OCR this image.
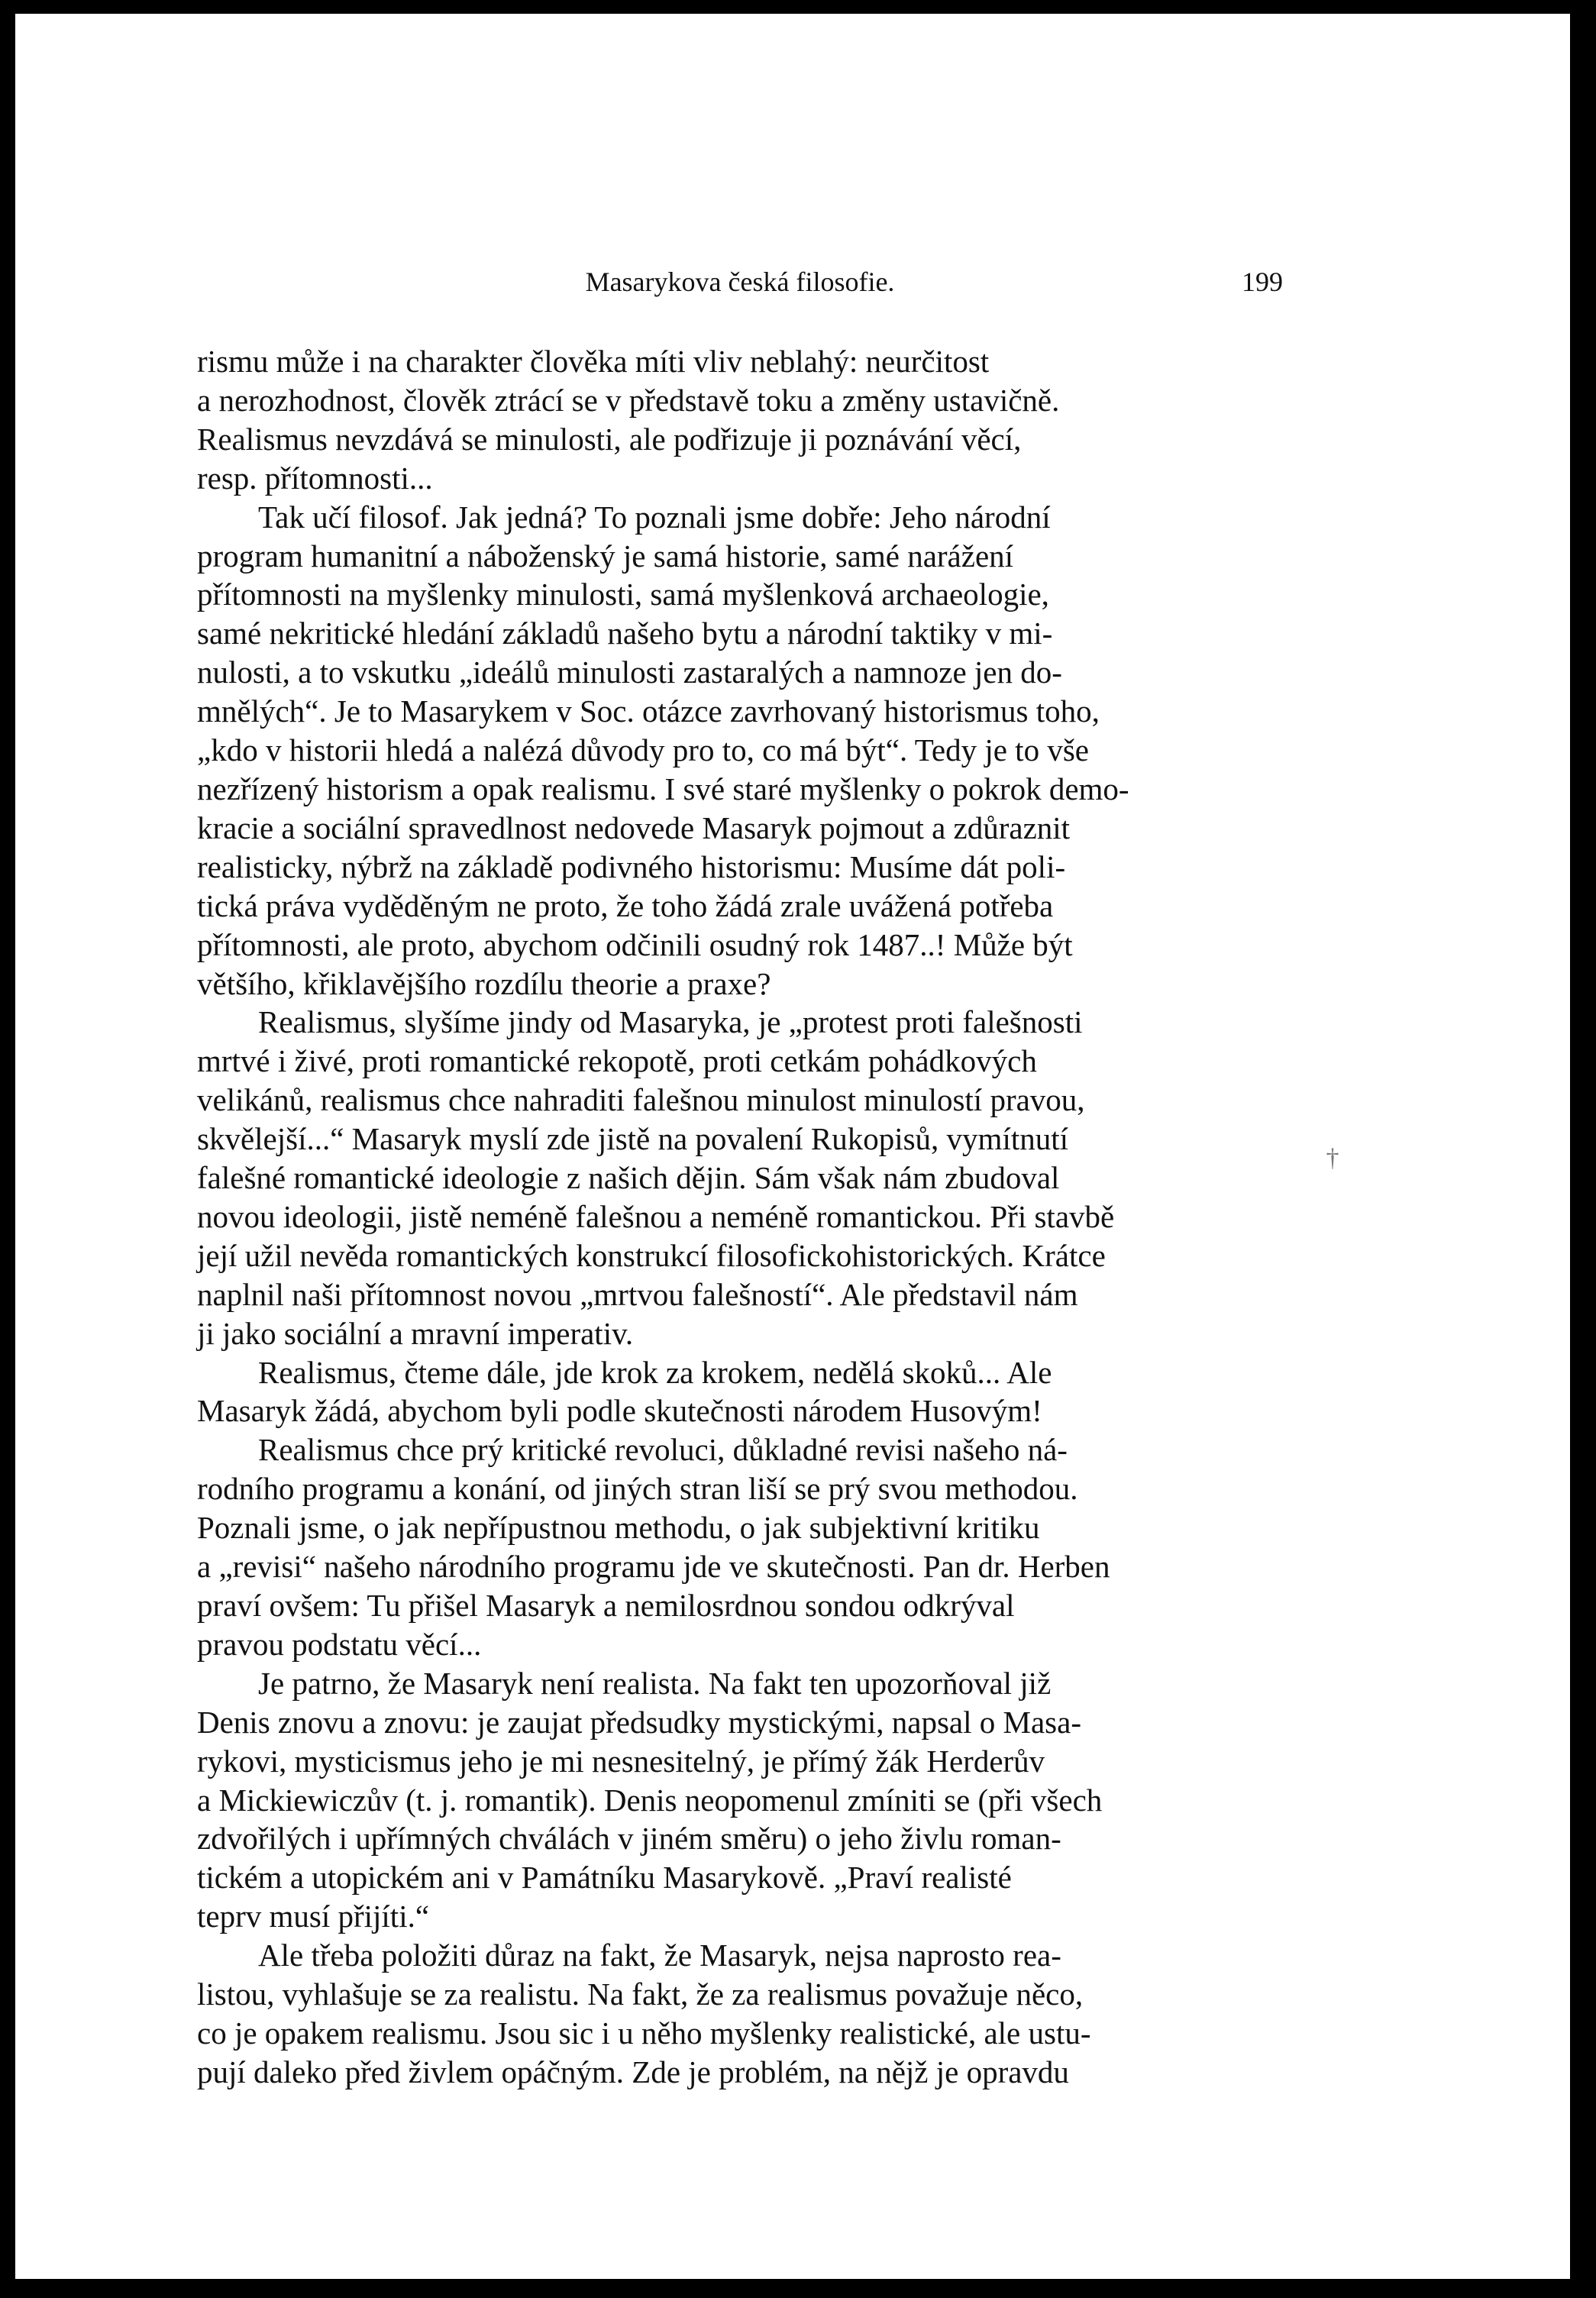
Masarykova česká filosofie.	199

rismu může i na charakter člověka míti vliv neblahý: neurčitost
a nerozhodnost, člověk ztrácí se v představě toku a změny ustavičně.
Realismus nevzdává se minulosti, ale podřizuje ji poznávání věcí,
resp. přítomnosti...

Tak učí filosof. Jak jedná? To poznali jsme dobře: Jeho národní
program humanitní a náboženský je samá historie, samé narážení
přítomnosti na myšlenky minulosti, samá myšlenková archaeologie,
samé nekritické hledání základů našeho bytu a národní taktiky v mi-
nulosti, a to vskutku „ideálů minulosti zastaralých a namnoze jen do-
mnělých“. Je to Masarykem v Soc. otázce zavrhovaný historismus toho,
„kdo v historii hledá a nalézá důvody pro to, co má být“. Tedy je to vše
nezřízený historism a opak realismu. I své staré myšlenky o pokrok demo-
kracie a sociální spravedlnost nedovede Masaryk pojmout a zdůraznit
realisticky, nýbrž na základě podivného historismu: Musíme dát poli-
tická práva vyděděným ne proto, že toho žádá zrale uvážená potřeba
přítomnosti, ale proto, abychom odčinili osudný rok 1487..! Může být
většího, křiklavějšího rozdílu theorie a praxe?

Realismus, slyšíme jindy od Masaryka, je „protest proti falešnosti
mrtvé i živé, proti romantické rekopotě, proti cetkám pohádkových
velikánů, realismus chce nahraditi falešnou minulost minulostí pravou,
skvělejší...“ Masaryk myslí zde jistě na povalení Rukopisů, vymítnutí
falešné romantické ideologie z našich dějin. Sám však nám zbudoval
novou ideologii, jistě neméně falešnou a neméně romantickou. Při stavbě
její užil nevěda romantických konstrukcí filosofickohistorických. Krátce
naplnil naši přítomnost novou „mrtvou falešností“. Ale představil nám
ji jako sociální a mravní imperativ.

Realismus, čteme dále, jde krok za krokem, nedělá skoků... Ale
Masaryk žádá, abychom byli podle skutečnosti národem Husovým!

Realismus chce prý kritické revoluci, důkladné revisi našeho ná-
rodního programu a konání, od jiných stran liší se prý svou methodou.
Poznali jsme, o jak nepřípustnou methodu, o jak subjektivní kritiku
a „revisi“ našeho národního programu jde ve skutečnosti. Pan dr. Herben
praví ovšem: Tu přišel Masaryk a nemilosrdnou sondou odkrýval
pravou podstatu věcí...

Je patrno, že Masaryk není realista. Na fakt ten upozorňoval již
Denis znovu a znovu: je zaujat předsudky mystickými, napsal o Masa-
rykovi, mysticismus jeho je mi nesnesitelný, je přímý žák Herderův
a Mickiewiczův (t. j. romantik). Denis neopomenul zmíniti se (při všech
zdvořilých i upřímných chválách v jiném směru) o jeho živlu roman-
tickém a utopickém ani v Památníku Masarykově. „Praví realisté
teprv musí přijíti.“

Ale třeba položiti důraz na fakt, že Masaryk, nejsa naprosto rea-
listou, vyhlašuje se za realistu. Na fakt, že za realismus považuje něco,
co je opakem realismu. Jsou sic i u něho myšlenky realistické, ale ustu-
pují daleko před živlem opáčným. Zde je problém, na nějž je opravdu

†
